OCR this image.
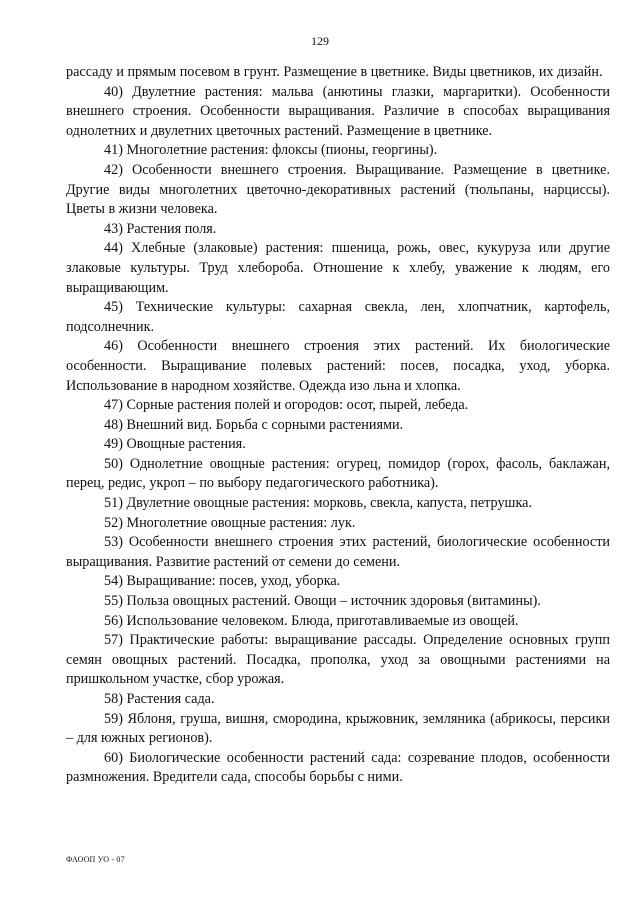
129

рассаду и прямым посевом в грунт. Размещение в цветнике. Виды цветников, их дизайн.

40) Двулетние растения: мальва (анютины глазки, маргаритки). Особенности внешнего строения. Особенности выращивания. Различие в способах выращивания однолетних и двулетних цветочных растений. Размещение в цветнике.

41) Многолетние растения: флоксы (пионы, георгины).

42) Особенности внешнего строения. Выращивание. Размещение в цветнике. Другие виды многолетних цветочно-декоративных растений (тюльпаны, нарциссы). Цветы в жизни человека.

43) Растения поля.

44) Хлебные (злаковые) растения: пшеница, рожь, овес, кукуруза или другие злаковые культуры. Труд хлебороба. Отношение к хлебу, уважение к людям, его выращивающим.

45) Технические культуры: сахарная свекла, лен, хлопчатник, картофель, подсолнечник.

46) Особенности внешнего строения этих растений. Их биологические особенности. Выращивание полевых растений: посев, посадка, уход, уборка. Использование в народном хозяйстве. Одежда изо льна и хлопка.

47) Сорные растения полей и огородов: осот, пырей, лебеда.

48) Внешний вид. Борьба с сорными растениями.

49) Овощные растения.

50) Однолетние овощные растения: огурец, помидор (горох, фасоль, баклажан, перец, редис, укроп – по выбору педагогического работника).

51) Двулетние овощные растения: морковь, свекла, капуста, петрушка.

52) Многолетние овощные растения: лук.

53) Особенности внешнего строения этих растений, биологические особенности выращивания. Развитие растений от семени до семени.

54) Выращивание: посев, уход, уборка.

55) Польза овощных растений. Овощи – источник здоровья (витамины).

56) Использование человеком. Блюда, приготавливаемые из овощей.

57) Практические работы: выращивание рассады. Определение основных групп семян овощных растений. Посадка, прополка, уход за овощными растениями на пришкольном участке, сбор урожая.

58) Растения сада.

59) Яблоня, груша, вишня, смородина, крыжовник, земляника (абрикосы, персики – для южных регионов).

60) Биологические особенности растений сада: созревание плодов, особенности размножения. Вредители сада, способы борьбы с ними.

ФАООП УО - 07
